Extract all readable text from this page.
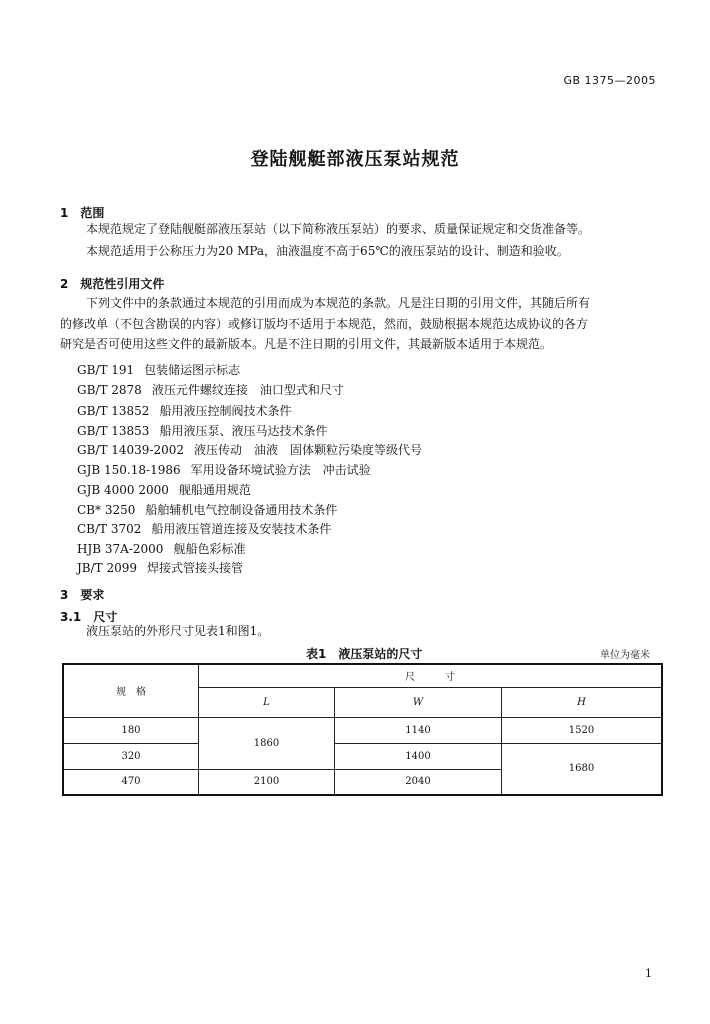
GB 1375—2005
登陆舰艇部液压泵站规范
1　范围
本规范规定了登陆舰艇部液压泵站（以下简称液压泵站）的要求、质量保证规定和交货准备等。
本规范适用于公称压力为20 MPa，油液温度不高于65℃的液压泵站的设计、制造和验收。
2　规范性引用文件
下列文件中的条款通过本规范的引用而成为本规范的条款。凡是注日期的引用文件，其随后所有
的修改单（不包含勘误的内容）或修订版均不适用于本规范，然而，鼓励根据本规范达成协议的各方
研究是否可使用这些文件的最新版本。凡是不注日期的引用文件，其最新版本适用于本规范。
GB/T 191 包装储运图示标志
GB/T 2878 液压元件螺纹连接　油口型式和尺寸
GB/T 13852 船用液压控制阀技术条件
GB/T 13853 船用液压泵、液压马达技术条件
GB/T 14039-2002 液压传动　油液　固体颗粒污染度等级代号
GJB 150.18-1986 军用设备环境试验方法　冲击试验
GJB 4000 2000 舰船通用规范
CB* 3250 船舶辅机电气控制设备通用技术条件
CB/T 3702 船用液压管道连接及安装技术条件
HJB 37A-2000 舰船色彩标准
JB/T 2099 焊接式管接头接管
3　要求
3.1　尺寸
液压泵站的外形尺寸见表1和图1。
表1　液压泵站的尺寸	单位为毫米
规　格	尺　　　寸		
	L	W	H
180	1860	1140	1520
320		1400	1680
470	2100	2040	
1
